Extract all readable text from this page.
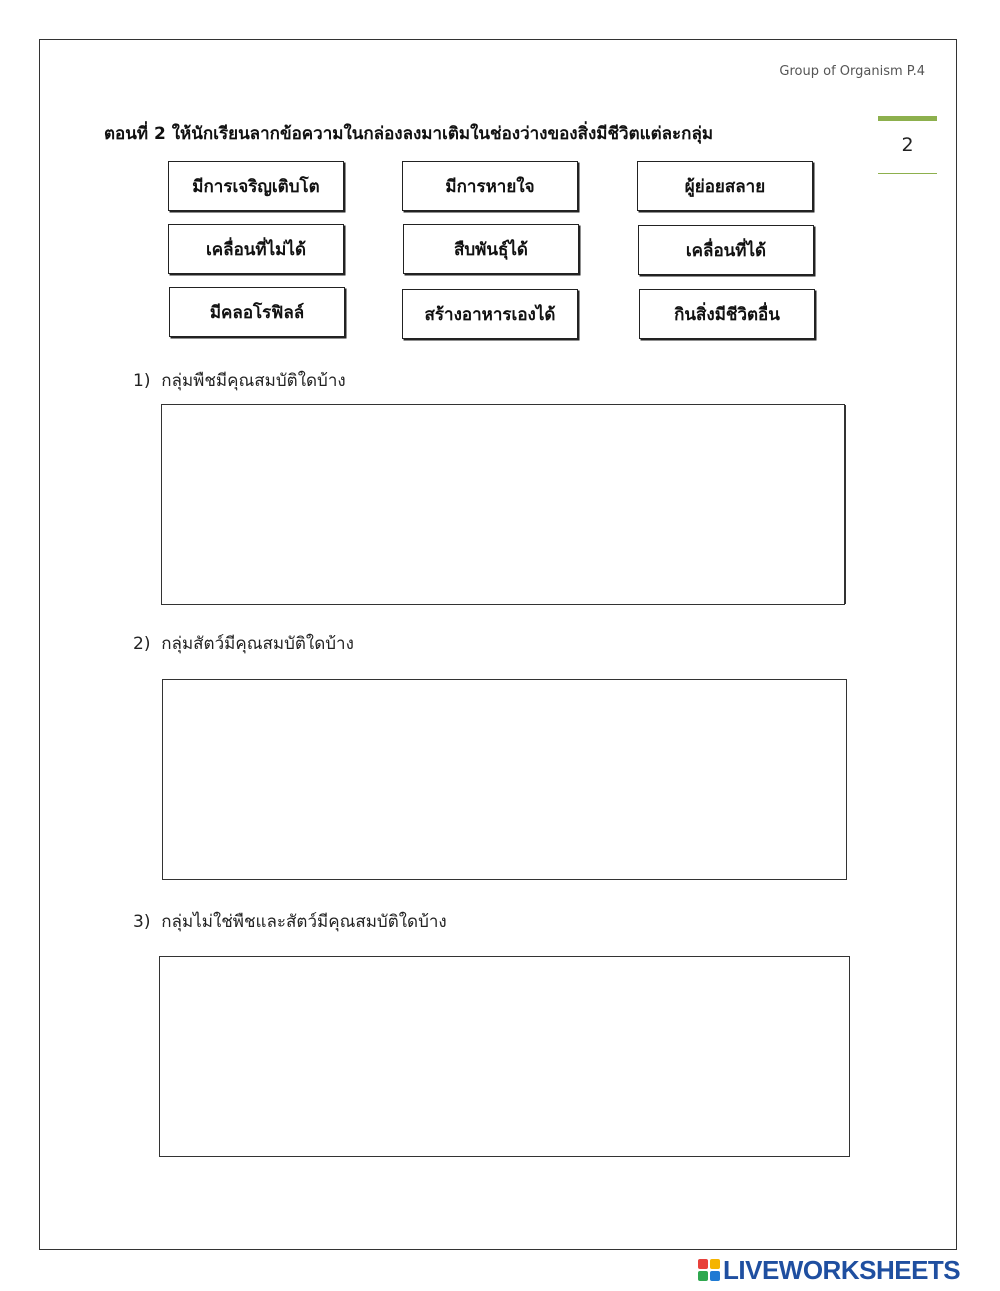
Group of Organism P.4
2
ตอนที่ 2 ให้นักเรียนลากข้อความในกล่องลงมาเติมในช่องว่างของสิ่งมีชีวิตแต่ละกลุ่ม
มีการเจริญเติบโต	มีการหายใจ	ผู้ย่อยสลาย
เคลื่อนที่ไม่ได้	สืบพันธุ์ได้	เคลื่อนที่ได้
มีคลอโรฟิลล์	สร้างอาหารเองได้	กินสิ่งมีชีวิตอื่น
1) กลุ่มพืชมีคุณสมบัติใดบ้าง
2) กลุ่มสัตว์มีคุณสมบัติใดบ้าง
3) กลุ่มไม่ใช่พืชและสัตว์มีคุณสมบัติใดบ้าง
LIVEWORKSHEETS
